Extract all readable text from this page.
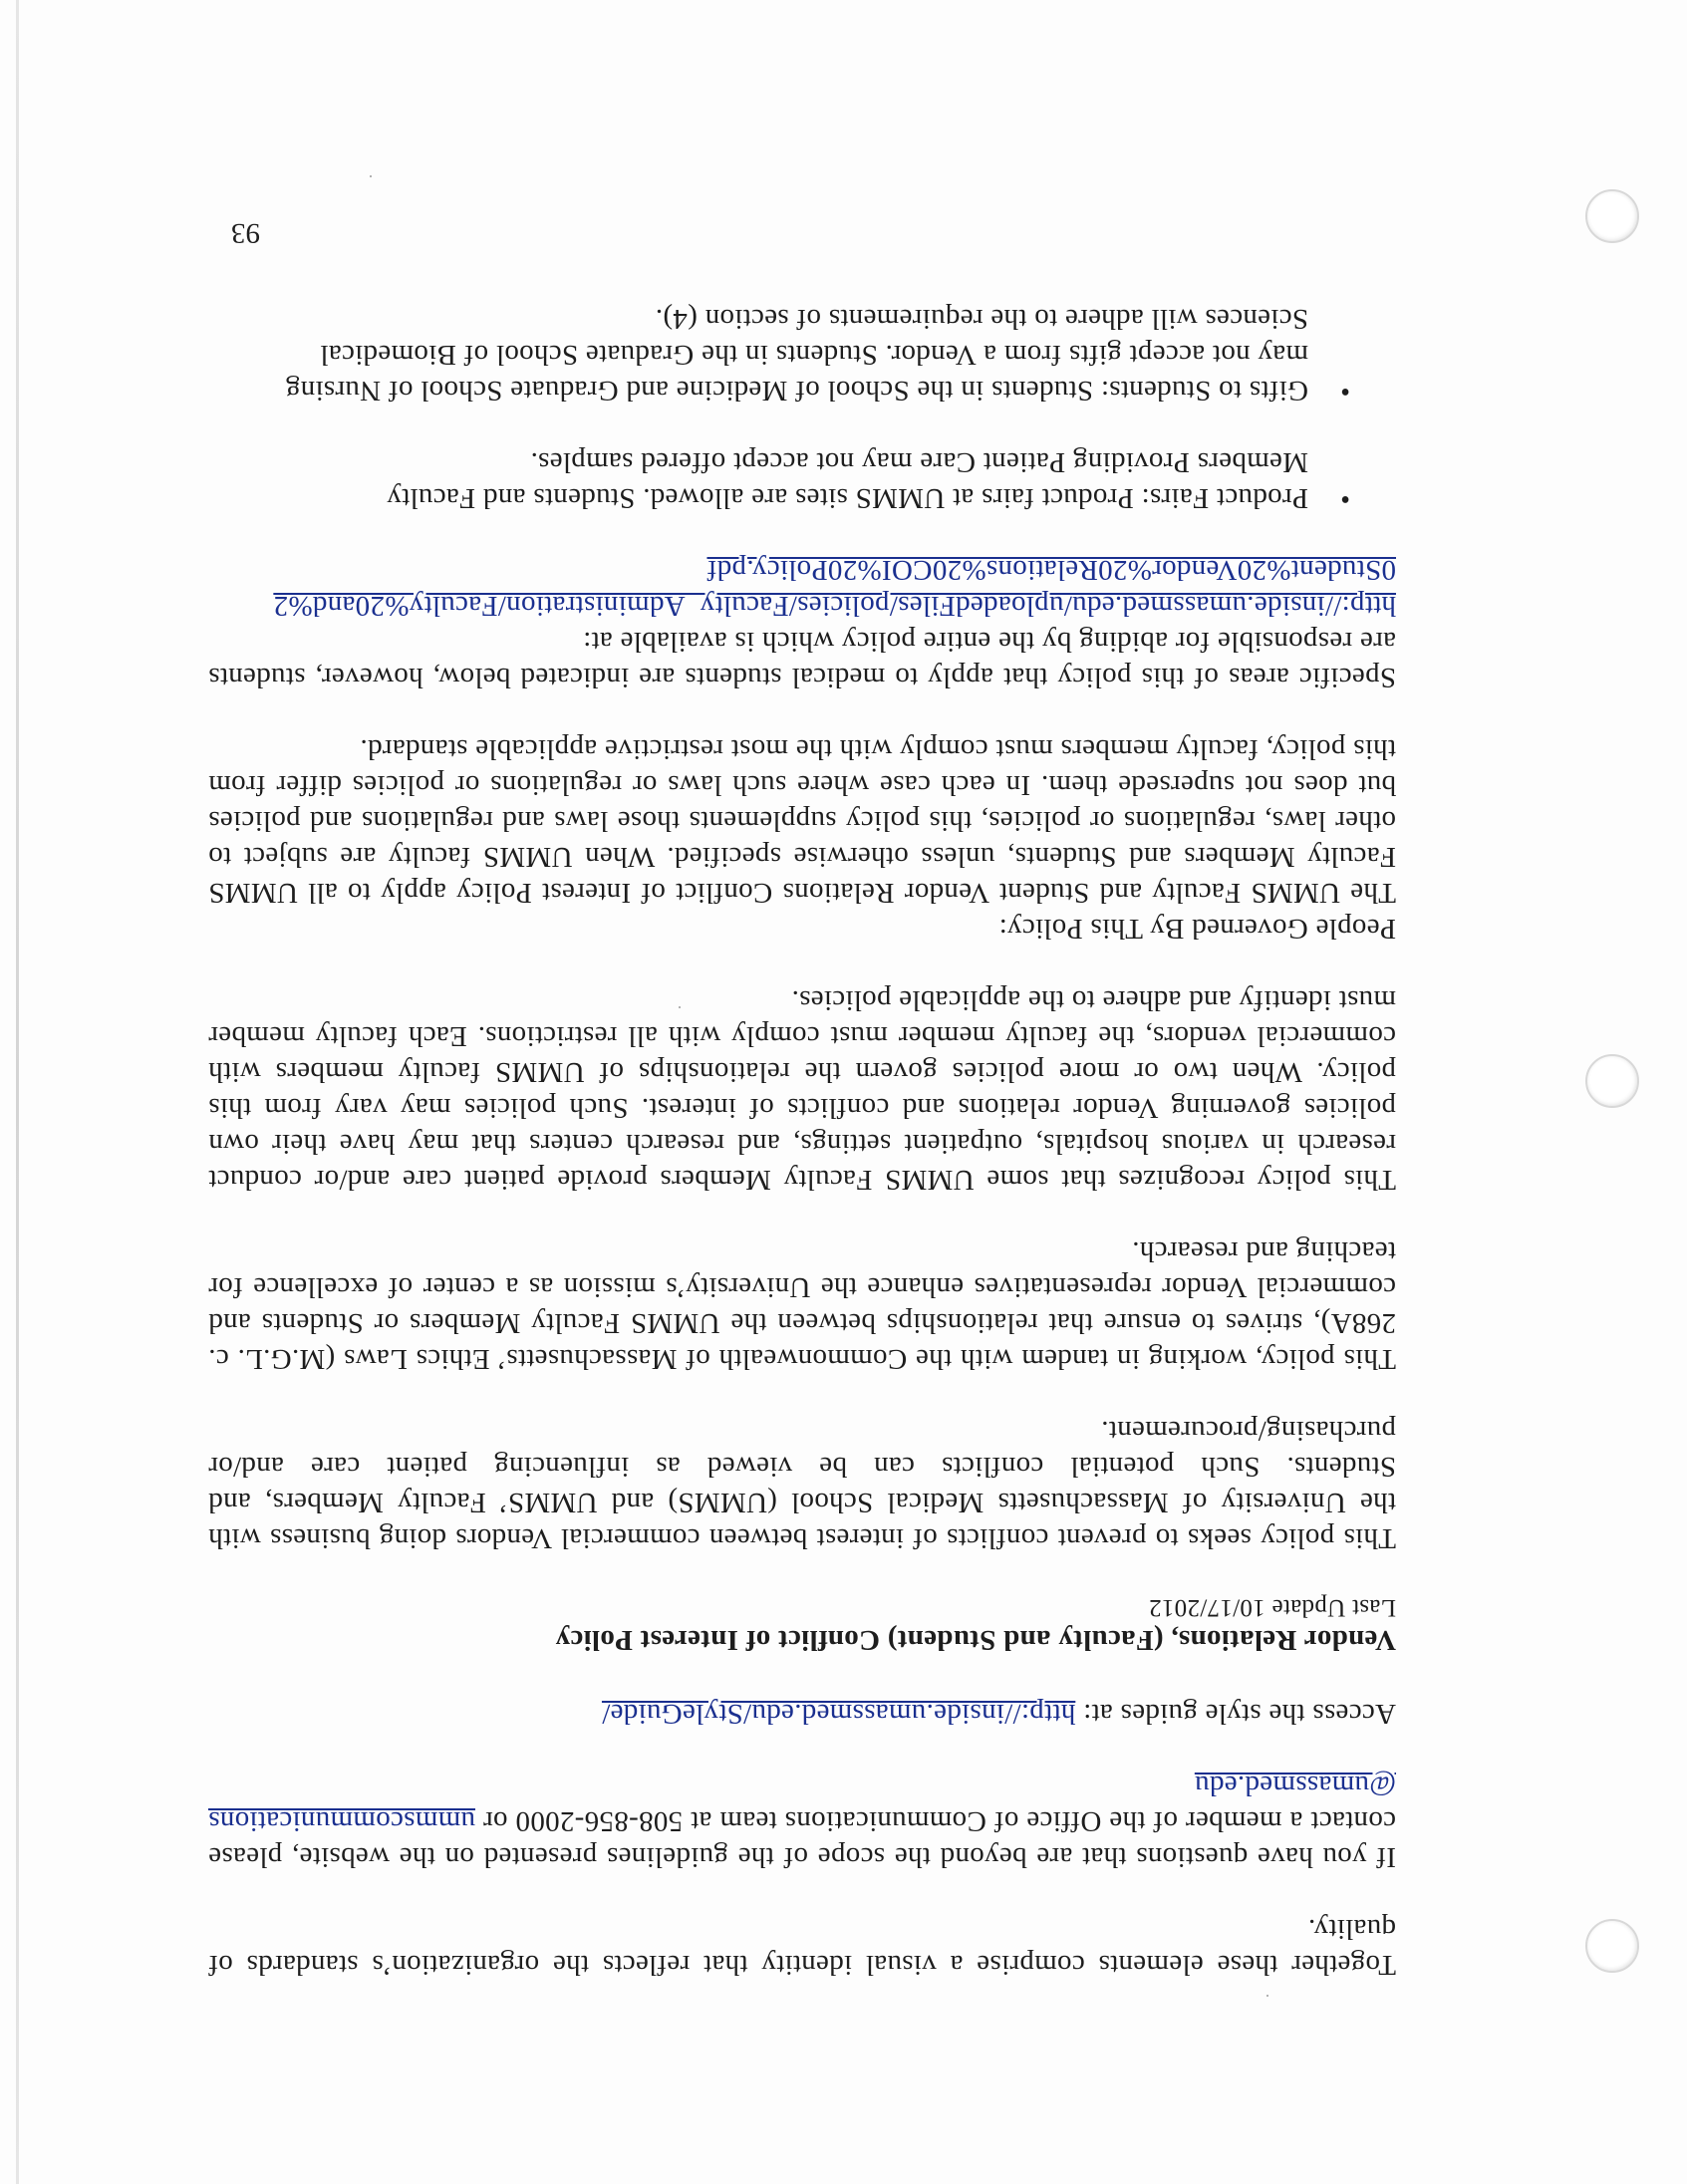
Together these elements comprise a visual identity that reflects the organization’s standards of quality.

If you have questions that are beyond the scope of the guidelines presented on the website, please contact a member of the Office of Communications team at 508-856-2000 or ummscommunications@umassmed.edu

Access the style guides at: http://inside.umassmed.edu/StyleGuide/

Vendor Relations, (Faculty and Student) Conflict of Interest Policy

Last Update 10/17/2012

This policy seeks to prevent conflicts of interest between commercial Vendors doing business with the University of Massachusetts Medical School (UMMS) and UMMS’ Faculty Members, and Students. Such potential conflicts can be viewed as influencing patient care and/or purchasing/procurement.

This policy, working in tandem with the Commonwealth of Massachusetts’ Ethics Laws (M.G.L. c. 268A), strives to ensure that relationships between the UMMS Faculty Members or Students and commercial Vendor representatives enhance the University’s mission as a center of excellence for teaching and research.

This policy recognizes that some UMMS Faculty Members provide patient care and/or conduct research in various hospitals, outpatient settings, and research centers that may have their own policies governing Vendor relations and conflicts of interest. Such policies may vary from this policy. When two or more policies govern the relationships of UMMS faculty members with commercial vendors, the faculty member must comply with all restrictions. Each faculty member must identify and adhere to the applicable policies.

People Governed By This Policy:

The UMMS Faculty and Student Vendor Relations Conflict of Interest Policy apply to all UMMS Faculty Members and Students, unless otherwise specified. When UMMS faculty are subject to other laws, regulations or policies, this policy supplements those laws and regulations and policies but does not supersede them. In each case where such laws or regulations or policies differ from this policy, faculty members must comply with the most restrictive applicable standard.

Specific areas of this policy that apply to medical students are indicated below, however, students are responsible for abiding by the entire policy which is available at:

http://inside.umassmed.edu/uploadedFiles/policies/Faculty_Administration/Faculty%20and%20Student%20Vendor%20Relations%20COI%20Policy.pdf
• Product Fairs: Product fairs at UMMS sites are allowed. Students and Faculty Members Providing Patient Care may not accept offered samples.
• Gifts to Students: Students in the School of Medicine and Graduate School of Nursing may not accept gifts from a Vendor. Students in the Graduate School of Biomedical Sciences will adhere to the requirements of section (4).
93
